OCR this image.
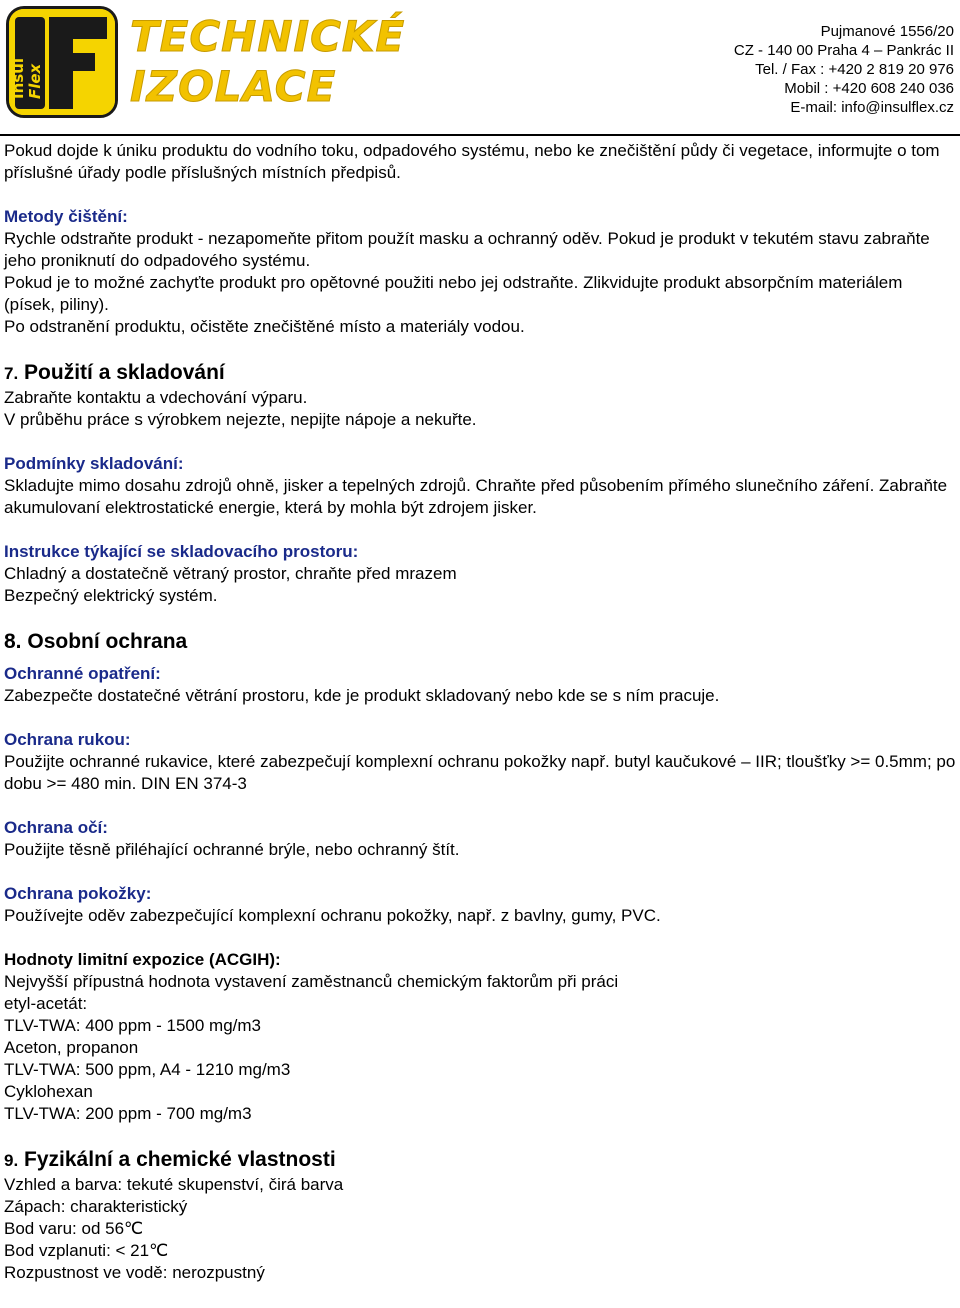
Insul Flex
TECHNICKÉ
IZOLACE
Pujmanové 1556/20
CZ - 140 00 Praha 4 – Pankrác II
Tel. / Fax : +420 2 819 20 976
Mobil : +420 608 240 036
E-mail: info@insulflex.cz

Pokud dojde k úniku produktu do vodního toku, odpadového systému, nebo ke znečištění půdy či vegetace, informujte o tom příslušné úřady podle příslušných místních předpisů.

Metody čištění:

Rychle odstraňte produkt - nezapomeňte přitom použít masku a ochranný oděv. Pokud je produkt v tekutém stavu zabraňte jeho proniknutí do odpadového systému.

Pokud je to možné zachyťte produkt pro opětovné použiti nebo jej odstraňte. Zlikvidujte produkt absorpčním materiálem (písek, piliny).

Po odstranění produktu, očistěte znečištěné místo a materiály vodou.

7. Použití a skladování

Zabraňte kontaktu a vdechování výparu.

V průběhu práce s výrobkem nejezte, nepijte nápoje a nekuřte.

Podmínky skladování:

Skladujte mimo dosahu zdrojů ohně, jisker a tepelných zdrojů. Chraňte před působením přímého slunečního záření. Zabraňte akumulovaní elektrostatické energie, která by mohla být zdrojem jisker.

Instrukce týkající se skladovacího prostoru:

Chladný a dostatečně větraný prostor, chraňte před mrazem

Bezpečný elektrický systém.

8. Osobní ochrana

Ochranné opatření:

Zabezpečte dostatečné větrání prostoru, kde je produkt skladovaný nebo kde se s ním pracuje.

Ochrana rukou:

Použijte ochranné rukavice, které zabezpečují komplexní ochranu pokožky např. butyl kaučukové – IIR; tloušťky >= 0.5mm; po dobu >= 480 min. DIN EN 374-3

Ochrana očí:

Použijte těsně přiléhající ochranné brýle, nebo ochranný štít.

Ochrana pokožky:

Používejte oděv zabezpečující komplexní ochranu pokožky, např. z bavlny, gumy, PVC.

Hodnoty limitní expozice (ACGIH):

Nejvyšší přípustná hodnota vystavení zaměstnanců chemickým faktorům při práci

etyl-acetát:

TLV-TWA: 400 ppm - 1500 mg/m3

Aceton, propanon

TLV-TWA: 500 ppm, A4 - 1210 mg/m3

Cyklohexan

TLV-TWA: 200 ppm - 700 mg/m3

9. Fyzikální a chemické vlastnosti

Vzhled a barva: tekuté skupenství, čirá barva

Zápach: charakteristický

Bod varu: od 56℃

Bod vzplanuti: < 21℃

Rozpustnost ve vodě: nerozpustný
